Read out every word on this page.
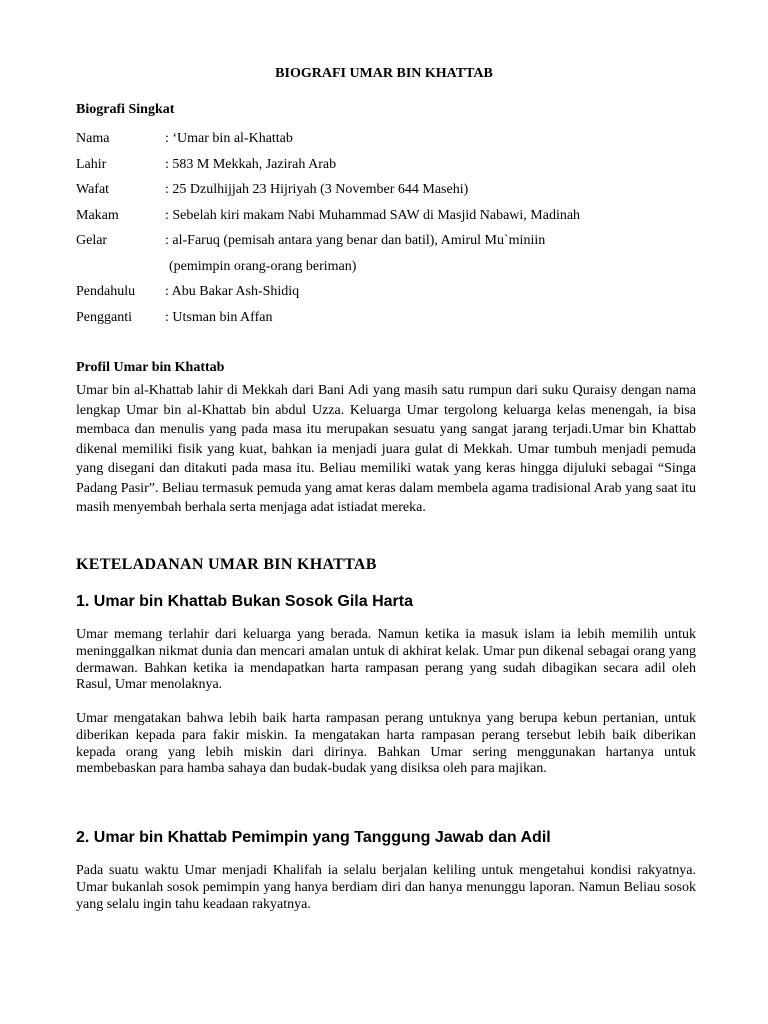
BIOGRAFI UMAR BIN KHATTAB
Biografi Singkat
Nama	: ‘Umar bin al-Khattab
Lahir	: 583 M Mekkah, Jazirah Arab
Wafat	: 25 Dzulhijjah 23 Hijriyah (3 November 644 Masehi)
Makam	: Sebelah kiri makam Nabi Muhammad SAW di Masjid Nabawi, Madinah
Gelar	: al-Faruq (pemisah antara yang benar dan batil), Amirul Mu`miniin
(pemimpin orang-orang beriman)
Pendahulu : Abu Bakar Ash-Shidiq
Pengganti : Utsman bin Affan
Profil Umar bin Khattab

Umar bin al-Khattab lahir di Mekkah dari Bani Adi yang masih satu rumpun dari suku Quraisy dengan nama lengkap Umar bin al-Khattab bin abdul Uzza. Keluarga Umar tergolong keluarga kelas menengah, ia bisa membaca dan menulis yang pada masa itu merupakan sesuatu yang sangat jarang terjadi.Umar bin Khattab dikenal memiliki fisik yang kuat, bahkan ia menjadi juara gulat di Mekkah. Umar tumbuh menjadi pemuda yang disegani dan ditakuti pada masa itu. Beliau memiliki watak yang keras hingga dijuluki sebagai “Singa Padang Pasir”. Beliau termasuk pemuda yang amat keras dalam membela agama tradisional Arab yang saat itu masih menyembah berhala serta menjaga adat istiadat mereka.

KETELADANAN UMAR BIN KHATTAB
1. Umar bin Khattab Bukan Sosok Gila Harta

Umar memang terlahir dari keluarga yang berada. Namun ketika ia masuk islam ia lebih memilih untuk meninggalkan nikmat dunia dan mencari amalan untuk di akhirat kelak. Umar pun dikenal sebagai orang yang dermawan. Bahkan ketika ia mendapatkan harta rampasan perang yang sudah dibagikan secara adil oleh Rasul, Umar menolaknya.

Umar mengatakan bahwa lebih baik harta rampasan perang untuknya yang berupa kebun pertanian, untuk diberikan kepada para fakir miskin. Ia mengatakan harta rampasan perang tersebut lebih baik diberikan kepada orang yang lebih miskin dari dirinya. Bahkan Umar sering menggunakan hartanya untuk membebaskan para hamba sahaya dan budak-budak yang disiksa oleh para majikan.

2. Umar bin Khattab Pemimpin yang Tanggung Jawab dan Adil

Pada suatu waktu Umar menjadi Khalifah ia selalu berjalan keliling untuk mengetahui kondisi rakyatnya. Umar bukanlah sosok pemimpin yang hanya berdiam diri dan hanya menunggu laporan. Namun Beliau sosok yang selalu ingin tahu keadaan rakyatnya.
